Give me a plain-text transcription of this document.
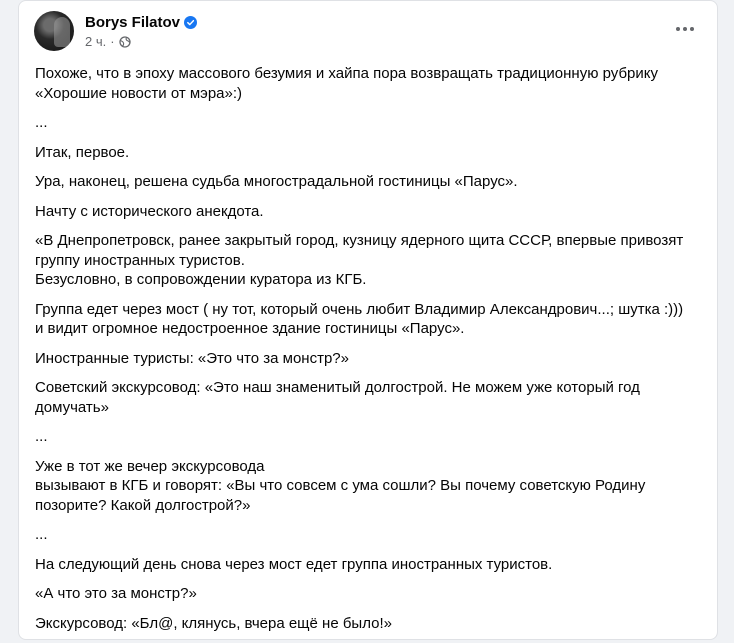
Borys Filatov
2 ч. ·

Похоже, что в эпоху массового безумия и хайпа пора возвращать традиционную рубрику
«Хорошие новости от мэра»:)

...

Итак, первое.

Ура, наконец, решена судьба многострадальной гостиницы «Парус».

Начту с исторического анекдота.

«В Днепропетровск, ранее закрытый город, кузницу ядерного щита СССР, впервые привозят
группу иностранных туристов.
Безусловно, в сопровождении куратора из КГБ.

Группа едет через мост ( ну тот, который очень любит Владимир Александрович...; шутка :)))
и видит огромное недостроенное здание гостиницы «Парус».

Иностранные туристы: «Это что за монстр?»

Советский экскурсовод: «Это наш знаменитый долгострой. Не можем уже который год
домучать»

...

Уже в тот же вечер экскурсовода
вызывают в КГБ и говорят: «Вы что совсем с ума сошли? Вы почему советскую Родину
позорите? Какой долгострой?»

...

На следующий день снова через мост едет группа иностранных туристов.

«А что это за монстр?»

Экскурсовод: «Бл@, клянусь, вчера ещё не было!»
